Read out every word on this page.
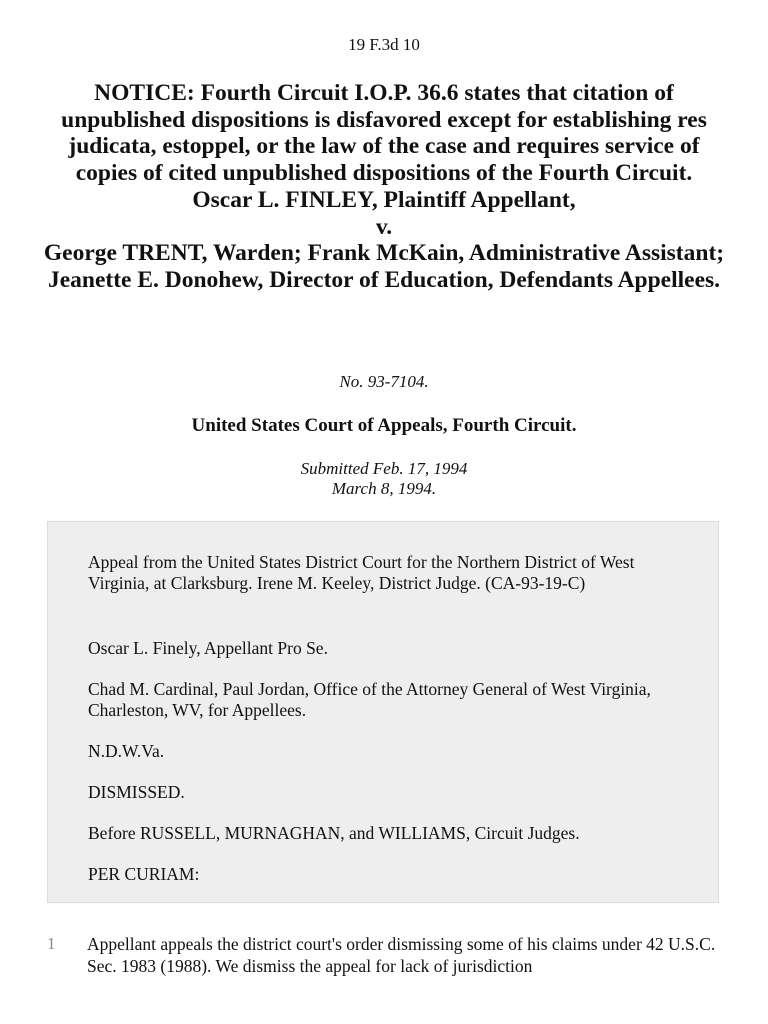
19 F.3d 10
NOTICE: Fourth Circuit I.O.P. 36.6 states that citation of unpublished dispositions is disfavored except for establishing res judicata, estoppel, or the law of the case and requires service of copies of cited unpublished dispositions of the Fourth Circuit.
Oscar L. FINLEY, Plaintiff Appellant,
v.
George TRENT, Warden; Frank McKain, Administrative Assistant; Jeanette E. Donohew, Director of Education, Defendants Appellees.
No. 93-7104.
United States Court of Appeals, Fourth Circuit.
Submitted Feb. 17, 1994
March 8, 1994.

Appeal from the United States District Court for the Northern District of West Virginia, at Clarksburg. Irene M. Keeley, District Judge. (CA-93-19-C)

Oscar L. Finely, Appellant Pro Se.

Chad M. Cardinal, Paul Jordan, Office of the Attorney General of West Virginia, Charleston, WV, for Appellees.

N.D.W.Va.

DISMISSED.

Before RUSSELL, MURNAGHAN, and WILLIAMS, Circuit Judges.

PER CURIAM:

1	Appellant appeals the district court's order dismissing some of his claims under 42 U.S.C. Sec. 1983 (1988). We dismiss the appeal for lack of jurisdiction
